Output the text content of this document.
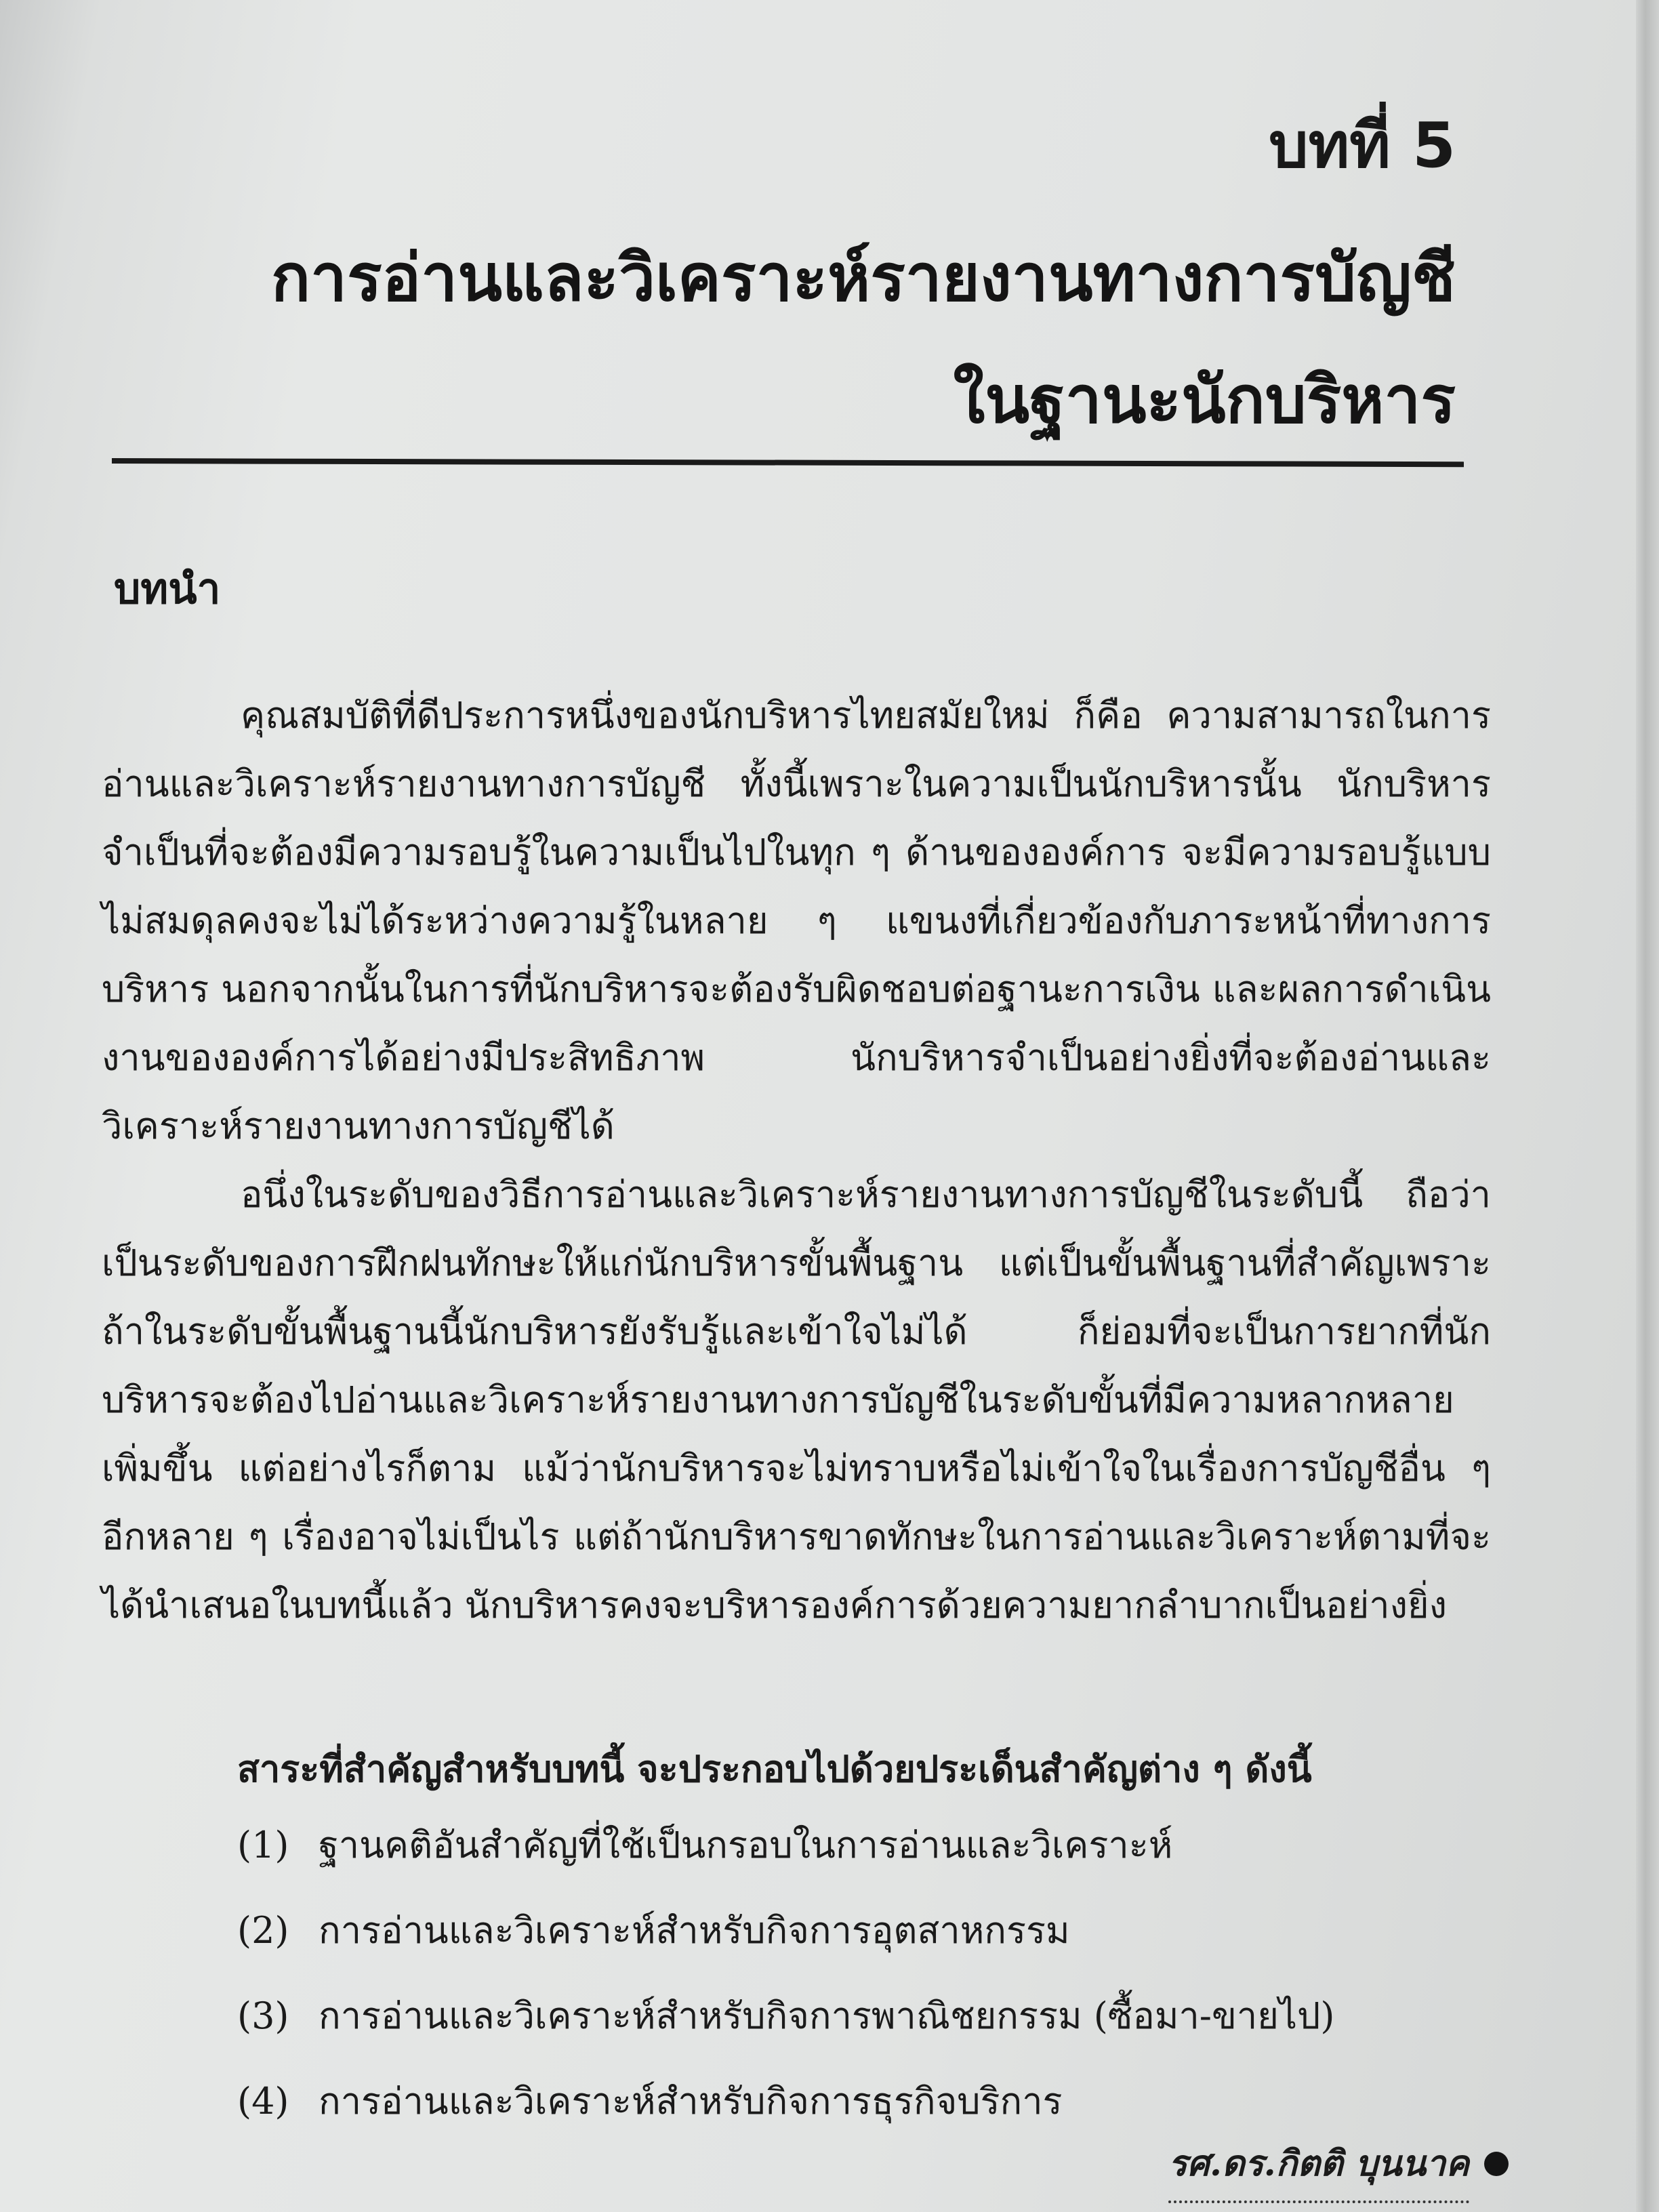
บทที่ 5
การอ่านและวิเคราะห์รายงานทางการบัญชี
ในฐานะนักบริหาร
บทนำ

คุณสมบัติที่ดีประการหนึ่งของนักบริหารไทยสมัยใหม่ ก็คือ ความสามารถในการอ่านและวิเคราะห์รายงานทางการบัญชี ทั้งนี้เพราะในความเป็นนักบริหารนั้น นักบริหารจำเป็นที่จะต้องมีความรอบรู้ในความเป็นไปในทุก ๆ ด้านขององค์การ จะมีความรอบรู้แบบไม่สมดุลคงจะไม่ได้ระหว่างความรู้ในหลาย ๆ แขนงที่เกี่ยวข้องกับภาระหน้าที่ทางการบริหาร นอกจากนั้นในการที่นักบริหารจะต้องรับผิดชอบต่อฐานะการเงิน และผลการดำเนินงานขององค์การได้อย่างมีประสิทธิภาพ นักบริหารจำเป็นอย่างยิ่งที่จะต้องอ่านและวิเคราะห์รายงานทางการบัญชีได้

อนึ่งในระดับของวิธีการอ่านและวิเคราะห์รายงานทางการบัญชีในระดับนี้ ถือว่าเป็นระดับของการฝึกฝนทักษะให้แก่นักบริหารขั้นพื้นฐาน แต่เป็นขั้นพื้นฐานที่สำคัญเพราะถ้าในระดับขั้นพื้นฐานนี้นักบริหารยังรับรู้และเข้าใจไม่ได้ ก็ย่อมที่จะเป็นการยากที่นักบริหารจะต้องไปอ่านและวิเคราะห์รายงานทางการบัญชีในระดับขั้นที่มีความหลากหลายเพิ่มขึ้น แต่อย่างไรก็ตาม แม้ว่านักบริหารจะไม่ทราบหรือไม่เข้าใจในเรื่องการบัญชีอื่น ๆ อีกหลาย ๆ เรื่องอาจไม่เป็นไร แต่ถ้านักบริหารขาดทักษะในการอ่านและวิเคราะห์ตามที่จะได้นำเสนอในบทนี้แล้ว นักบริหารคงจะบริหารองค์การด้วยความยากลำบากเป็นอย่างยิ่ง

สาระที่สำคัญสำหรับบทนี้ จะประกอบไปด้วยประเด็นสำคัญต่าง ๆ ดังนี้

(1) ฐานคติอันสำคัญที่ใช้เป็นกรอบในการอ่านและวิเคราะห์
(2) การอ่านและวิเคราะห์สำหรับกิจการอุตสาหกรรม
(3) การอ่านและวิเคราะห์สำหรับกิจการพาณิชยกรรม (ซื้อมา-ขายไป)
(4) การอ่านและวิเคราะห์สำหรับกิจการธุรกิจบริการ
รศ.ดร.กิตติ บุนนาค
